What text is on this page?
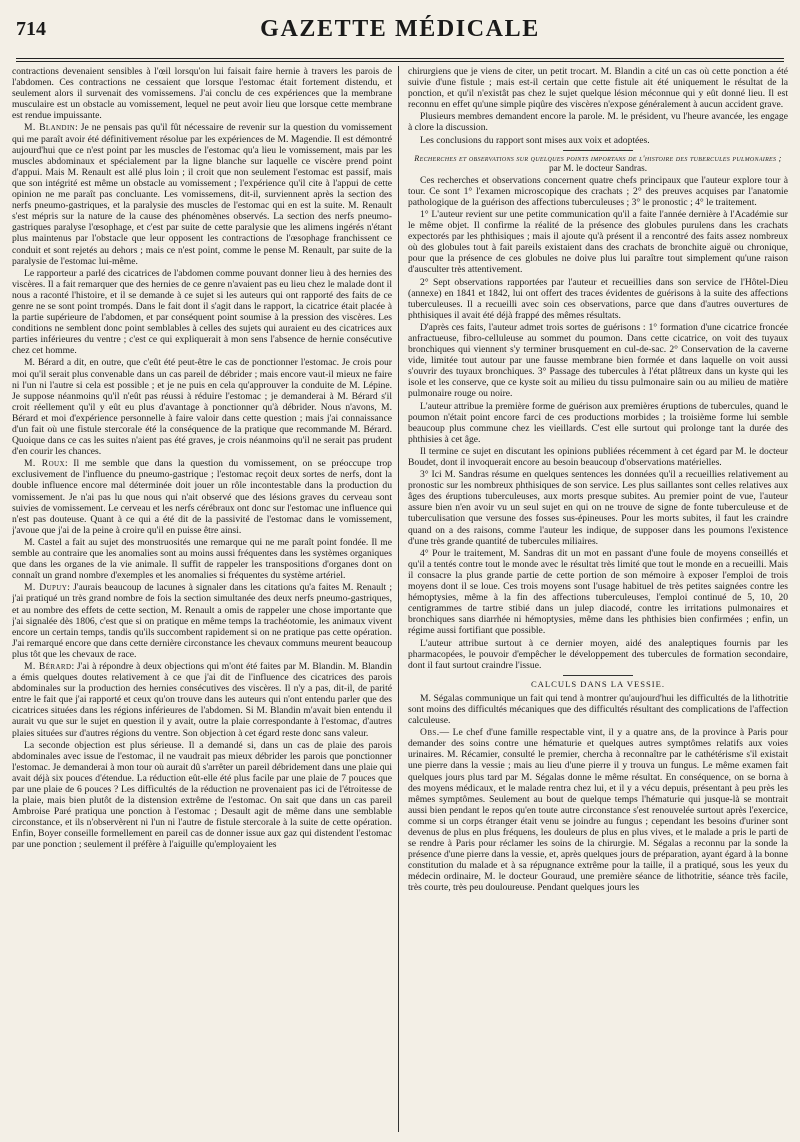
714	GAZETTE MÉDICALE

contractions devenaient sensibles à l'œil lorsqu'on lui faisait faire hernie à travers les parois de l'abdomen. Ces contractions ne cessaient que lorsque l'estomac était fortement distendu, et seulement alors il survenait des vomissemens. J'ai conclu de ces expériences que la membrane musculaire est un obstacle au vomissement, lequel ne peut avoir lieu que lorsque cette membrane est rendue impuissante.

M. Blandin: Je ne pensais pas qu'il fût nécessaire de revenir sur la question du vomissement qui me paraît avoir été définitivement résolue par les expériences de M. Magendie. Il est démontré aujourd'hui que ce n'est point par les muscles de l'estomac qu'a lieu le vomissement, mais par les muscles abdominaux et spécialement par la ligne blanche sur laquelle ce viscère prend point d'appui. Mais M. Renault est allé plus loin ; il croit que non seulement l'estomac est passif, mais que son intégrité est même un obstacle au vomissement ; l'expérience qu'il cite à l'appui de cette opinion ne me paraît pas concluante. Les vomissemens, dit-il, surviennent après la section des nerfs pneumo-gastriques, et la paralysie des muscles de l'estomac qui en est la suite. M. Renault s'est mépris sur la nature de la cause des phénomènes observés. La section des nerfs pneumo-gastriques paralyse l'œsophage, et c'est par suite de cette paralysie que les alimens ingérés n'étant plus maintenus par l'obstacle que leur opposent les contractions de l'œsophage franchissent ce conduit et sont rejetés au dehors ; mais ce n'est point, comme le pense M. Renault, par suite de la paralysie de l'estomac lui-même.

Le rapporteur a parlé des cicatrices de l'abdomen comme pouvant donner lieu à des hernies des viscères. Il a fait remarquer que des hernies de ce genre n'avaient pas eu lieu chez le malade dont il nous a raconté l'histoire, et il se demande à ce sujet si les auteurs qui ont rapporté des faits de ce genre ne se sont point trompés. Dans le fait dont il s'agit dans le rapport, la cicatrice était placée à la partie supérieure de l'abdomen, et par conséquent point soumise à la pression des viscères. Les conditions ne semblent donc point semblables à celles des sujets qui auraient eu des cicatrices aux parties inférieures du ventre ; c'est ce qui expliquerait à mon sens l'absence de hernie consécutive chez cet homme.

M. Bérard a dit, en outre, que c'eût été peut-être le cas de ponctionner l'estomac. Je crois pour moi qu'il serait plus convenable dans un cas pareil de débrider ; mais encore vaut-il mieux ne faire ni l'un ni l'autre si cela est possible ; et je ne puis en cela qu'approuver la conduite de M. Lépine. Je suppose néanmoins qu'il n'eût pas réussi à réduire l'estomac ; je demanderai à M. Bérard s'il croit réellement qu'il y eût eu plus d'avantage à ponctionner qu'à débrider. Nous n'avons, M. Bérard et moi d'expérience personnelle à faire valoir dans cette question ; mais j'ai connaissance d'un fait où une fistule stercorale été la conséquence de la pratique que recommande M. Bérard. Quoique dans ce cas les suites n'aient pas été graves, je crois néanmoins qu'il ne serait pas prudent d'en courir les chances.

M. Roux: Il me semble que dans la question du vomissement, on se préoccupe trop exclusivement de l'influence du pneumo-gastrique ; l'estomac reçoit deux sortes de nerfs, dont la double influence encore mal déterminée doit jouer un rôle incontestable dans la production du vomissement. Je n'ai pas lu que nous qui n'ait observé que des lésions graves du cerveau sont suivies de vomissement. Le cerveau et les nerfs cérébraux ont donc sur l'estomac une influence qui n'est pas douteuse. Quant à ce qui a été dit de la passivité de l'estomac dans le vomissement, j'avoue que j'ai de la peine à croire qu'il en puisse être ainsi.

M. Castel a fait au sujet des monstruosités une remarque qui ne me paraît point fondée. Il me semble au contraire que les anomalies sont au moins aussi fréquentes dans les systèmes organiques que dans les organes de la vie animale. Il suffit de rappeler les transpositions d'organes dont on connaît un grand nombre d'exemples et les anomalies si fréquentes du système artériel.

M. Dupuy: J'aurais beaucoup de lacunes à signaler dans les citations qu'a faites M. Renault ; j'ai pratiqué un très grand nombre de fois la section simultanée des deux nerfs pneumo-gastriques, et au nombre des effets de cette section, M. Renault a omis de rappeler une chose importante que j'ai signalée dès 1806, c'est que si on pratique en même temps la trachéotomie, les animaux vivent encore un certain temps, tandis qu'ils succombent rapidement si on ne pratique pas cette opération. J'ai remarqué encore que dans cette dernière circonstance les chevaux communs meurent beaucoup plus tôt que les chevaux de race.

M. Bérard: J'ai à répondre à deux objections qui m'ont été faites par M. Blandin. M. Blandin a émis quelques doutes relativement à ce que j'ai dit de l'influence des cicatrices des parois abdominales sur la production des hernies consécutives des viscères. Il n'y a pas, dit-il, de parité entre le fait que j'ai rapporté et ceux qu'on trouve dans les auteurs qui n'ont entendu parler que des cicatrices situées dans les régions inférieures de l'abdomen. Si M. Blandin m'avait bien entendu il aurait vu que sur le sujet en question il y avait, outre la plaie correspondante à l'estomac, d'autres plaies situées sur d'autres régions du ventre. Son objection à cet égard reste donc sans valeur.

La seconde objection est plus sérieuse. Il a demandé si, dans un cas de plaie des parois abdominales avec issue de l'estomac, il ne vaudrait pas mieux débrider les parois que ponctionner l'estomac. Je demanderai à mon tour où aurait dû s'arrêter un pareil débridement dans une plaie qui avait déjà six pouces d'étendue. La réduction eût-elle été plus facile par une plaie de 7 pouces que par une plaie de 6 pouces ? Les difficultés de la réduction ne provenaient pas ici de l'étroitesse de la plaie, mais bien plutôt de la distension extrême de l'estomac. On sait que dans un cas pareil Ambroise Paré pratiqua une ponction à l'estomac ; Desault agit de même dans une semblable circonstance, et ils n'observèrent ni l'un ni l'autre de fistule stercorale à la suite de cette opération. Enfin, Boyer conseille formellement en pareil cas de donner issue aux gaz qui distendent l'estomac par une ponction ; seulement il préfère à l'aiguille qu'employaient les

chirurgiens que je viens de citer, un petit trocart. M. Blandin a cité un cas où cette ponction a été suivie d'une fistule ; mais est-il certain que cette fistule ait été uniquement le résultat de la ponction, et qu'il n'existât pas chez le sujet quelque lésion méconnue qui y eût donné lieu. Il est reconnu en effet qu'une simple piqûre des viscères n'expose généralement à aucun accident grave.

Plusieurs membres demandent encore la parole. M. le président, vu l'heure avancée, les engage à clore la discussion.

Les conclusions du rapport sont mises aux voix et adoptées.

Recherches et observations sur quelques points importans de l'histoire des tubercules pulmonaires ; par M. le docteur Sandras.

Ces recherches et observations concernent quatre chefs principaux que l'auteur explore tour à tour. Ce sont 1° l'examen microscopique des crachats ; 2° des preuves acquises par l'anatomie pathologique de la guérison des affections tuberculeuses ; 3° le pronostic ; 4° le traitement.

1° L'auteur revient sur une petite communication qu'il a faite l'année dernière à l'Académie sur le même objet. Il confirme la réalité de la présence des globules purulens dans les crachats expectorés par les phthisiques ; mais il ajoute qu'à présent il a rencontré des faits assez nombreux où des globules tout à fait pareils existaient dans des crachats de bronchite aiguë ou chronique, pour que la présence de ces globules ne doive plus lui paraître tout simplement qu'une raison d'ausculter très attentivement.

2° Sept observations rapportées par l'auteur et recueillies dans son service de l'Hôtel-Dieu (annexe) en 1841 et 1842, lui ont offert des traces évidentes de guérisons à la suite des affections tuberculeuses. Il a recueilli avec soin ces observations, parce que dans d'autres ouvertures de phthisiques il avait été déjà frappé des mêmes résultats.

D'après ces faits, l'auteur admet trois sortes de guérisons : 1° formation d'une cicatrice froncée anfractueuse, fibro-celluleuse au sommet du poumon. Dans cette cicatrice, on voit des tuyaux bronchiques qui viennent s'y terminer brusquement en cul-de-sac. 2° Conservation de la caverne vide, limitée tout autour par une fausse membrane bien formée et dans laquelle on voit aussi s'ouvrir des tuyaux bronchiques. 3° Passage des tubercules à l'état plâtreux dans un kyste qui les isole et les conserve, que ce kyste soit au milieu du tissu pulmonaire sain ou au milieu de matière pulmonaire rouge ou noire.

L'auteur attribue la première forme de guérison aux premières éruptions de tubercules, quand le poumon n'était point encore farci de ces productions morbides ; la troisième forme lui semble beaucoup plus commune chez les vieillards. C'est elle surtout qui prolonge tant la durée des phthisies à cet âge.

Il termine ce sujet en discutant les opinions publiées récemment à cet égard par M. le docteur Boudet, dont il invoquerait encore au besoin beaucoup d'observations matérielles.

3° Ici M. Sandras résume en quelques sentences les données qu'il a recueillies relativement au pronostic sur les nombreux phthisiques de son service. Les plus saillantes sont celles relatives aux âges des éruptions tuberculeuses, aux morts presque subites. Au premier point de vue, l'auteur assure bien n'en avoir vu un seul sujet en qui on ne trouve de signe de fonte tuberculeuse et de tuberculisation que versune des fosses sus-épineuses. Pour les morts subites, il faut les craindre quand on a des raisons, comme l'auteur les indique, de supposer dans les poumons l'existence d'une très grande quantité de tubercules miliaires.

4° Pour le traitement, M. Sandras dit un mot en passant d'une foule de moyens conseillés et qu'il a tentés contre tout le monde avec le résultat très limité que tout le monde en a recueilli. Mais il consacre la plus grande partie de cette portion de son mémoire à exposer l'emploi de trois moyens dont il se loue. Ces trois moyens sont l'usage habituel de très petites saignées contre les hémoptysies, même à la fin des affections tuberculeuses, l'emploi continué de 5, 10, 20 centigrammes de tartre stibié dans un julep diacodé, contre les irritations pulmonaires et bronchiques sans diarrhée ni hémoptysies, même dans les phthisies bien confirmées ; enfin, un régime aussi fortifiant que possible.

L'auteur attribue surtout à ce dernier moyen, aidé des analeptiques fournis par les pharmacopées, le pouvoir d'empêcher le développement des tubercules de formation secondaire, dont il faut surtout craindre l'issue.

CALCULS DANS LA VESSIE.

M. Ségalas communique un fait qui tend à montrer qu'aujourd'hui les difficultés de la lithotritie sont moins des difficultés mécaniques que des difficultés résultant des complications de l'affection calculeuse.

Obs.— Le chef d'une famille respectable vint, il y a quatre ans, de la province à Paris pour demander des soins contre une hématurie et quelques autres symptômes relatifs aux voies urinaires. M. Récamier, consulté le premier, chercha à reconnaître par le cathétérisme s'il existait une pierre dans la vessie ; mais au lieu d'une pierre il y trouva un fungus. Le même examen fait quelques jours plus tard par M. Ségalas donne le même résultat. En conséquence, on se borna à des moyens médicaux, et le malade rentra chez lui, et il y a vécu depuis, présentant à peu près les mêmes symptômes. Seulement au bout de quelque temps l'hématurie qui jusque-là se montrait aussi bien pendant le repos qu'en toute autre circonstance s'est renouvelée surtout après l'exercice, comme si un corps étranger était venu se joindre au fungus ; cependant les besoins d'uriner sont devenus de plus en plus fréquens, les douleurs de plus en plus vives, et le malade a pris le parti de se rendre à Paris pour réclamer les soins de la chirurgie. M. Ségalas a reconnu par la sonde la présence d'une pierre dans la vessie, et, après quelques jours de préparation, ayant égard à la bonne constitution du malade et à sa répugnance extrême pour la taille, il a pratiqué, sous les yeux du médecin ordinaire, M. le docteur Gouraud, une première séance de lithotritie, séance très facile, très courte, très peu douloureuse. Pendant quelques jours les
